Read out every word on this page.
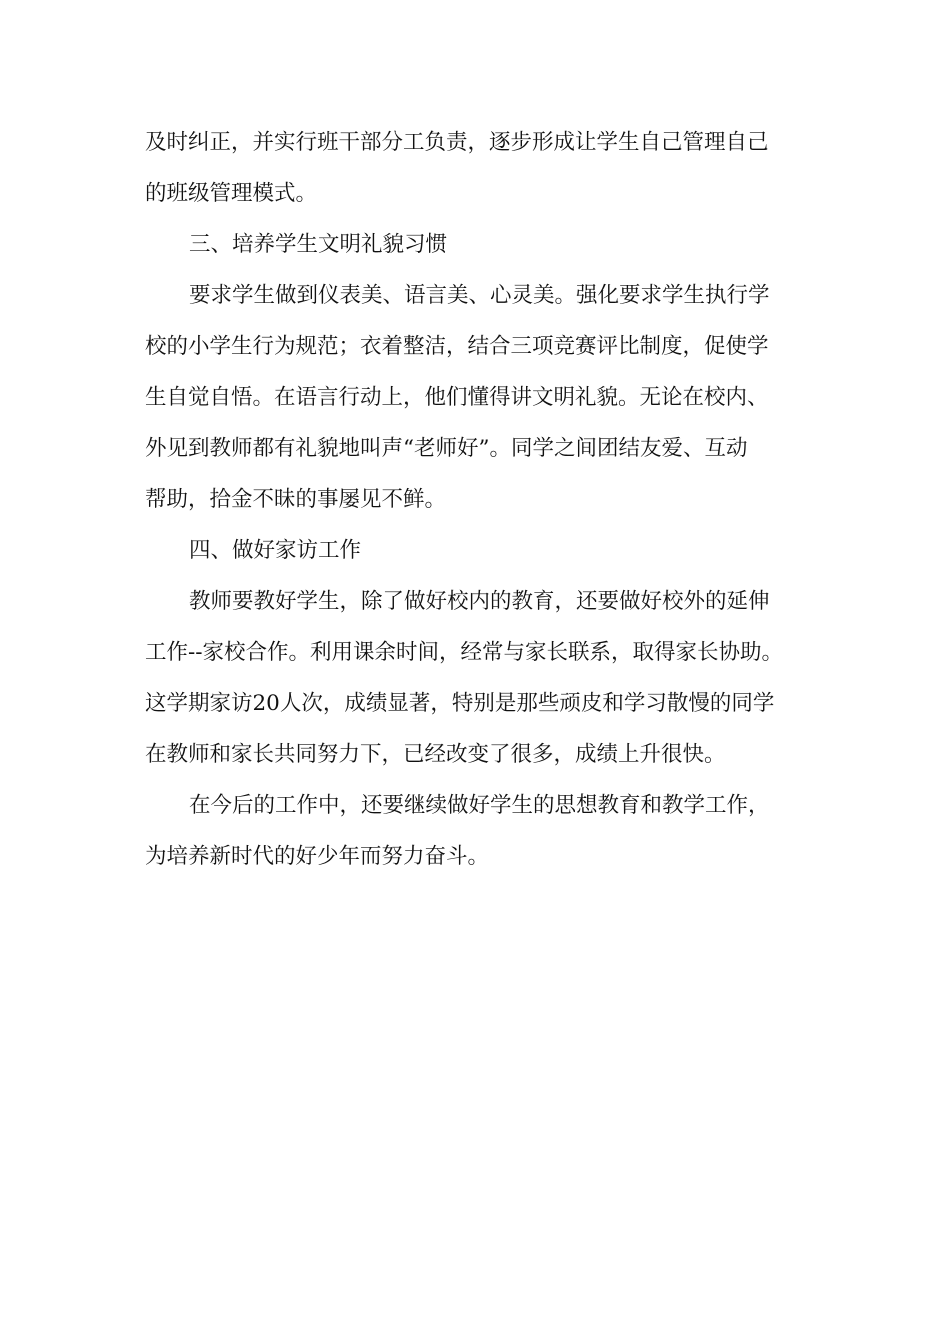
及时纠正，并实行班干部分工负责，逐步形成让学生自己管理自己

的班级管理模式。

三、培养学生文明礼貌习惯

要求学生做到仪表美、语言美、心灵美。强化要求学生执行学

校的小学生行为规范；衣着整洁，结合三项竞赛评比制度，促使学

生自觉自悟。在语言行动上，他们懂得讲文明礼貌。无论在校内、

外见到教师都有礼貌地叫声“老师好”。同学之间团结友爱、互动

帮助，拾金不昧的事屡见不鲜。

四、做好家访工作

教师要教好学生，除了做好校内的教育，还要做好校外的延伸

工作--家校合作。利用课余时间，经常与家长联系，取得家长协助。

这学期家访20人次，成绩显著，特别是那些顽皮和学习散慢的同学

在教师和家长共同努力下，已经改变了很多，成绩上升很快。

在今后的工作中，还要继续做好学生的思想教育和教学工作，

为培养新时代的好少年而努力奋斗。
